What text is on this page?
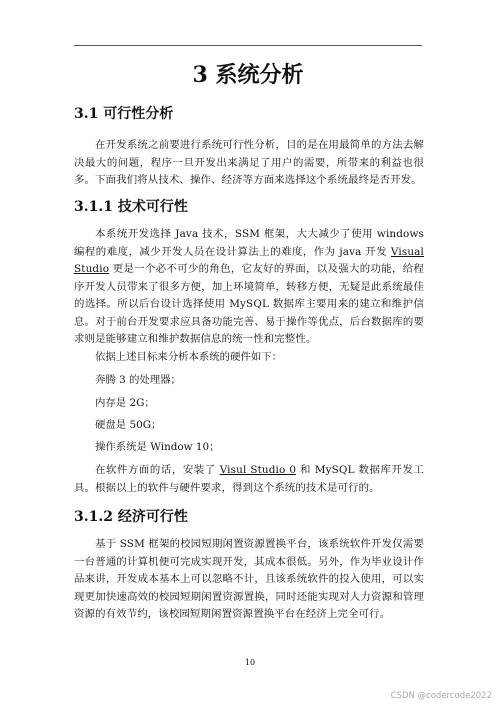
3 系统分析
3.1 可行性分析

在开发系统之前要进行系统可行性分析，目的是在用最简单的方法去解决最大的问题，程序一旦开发出来满足了用户的需要，所带来的利益也很多。下面我们将从技术、操作、经济等方面来选择这个系统最终是否开发。

3.1.1 技术可行性

本系统开发选择 Java 技术，SSM 框架，大大减少了使用 windows 编程的难度，减少开发人员在设计算法上的难度，作为 java 开发 Visual Studio 更是一个必不可少的角色，它友好的界面，以及强大的功能，给程序开发人员带来了很多方便，加上环境简单，转移方便，无疑是此系统最佳的选择。所以后台设计选择使用 MySQL 数据库主要用来的建立和维护信息。对于前台开发要求应具备功能完善、易于操作等优点，后台数据库的要求则是能够建立和维护数据信息的统一性和完整性。

依据上述目标来分析本系统的硬件如下：

奔腾 3 的处理器；

内存是 2G；

硬盘是 50G；

操作系统是 Window 10；

在软件方面的话，安装了 Visul Studio 0 和 MySQL 数据库开发工具。根据以上的软件与硬件要求，得到这个系统的技术是可行的。

3.1.2 经济可行性

基于 SSM 框架的校园短期闲置资源置换平台，该系统软件开发仅需要一台普通的计算机便可完成实现开发，其成本很低。另外，作为毕业设计作品来讲，开发成本基本上可以忽略不计，且该系统软件的投入使用，可以实现更加快速高效的校园短期闲置资源置换，同时还能实现对人力资源和管理资源的有效节约，该校园短期闲置资源置换平台在经济上完全可行。

10
CSDN @codercode2022
